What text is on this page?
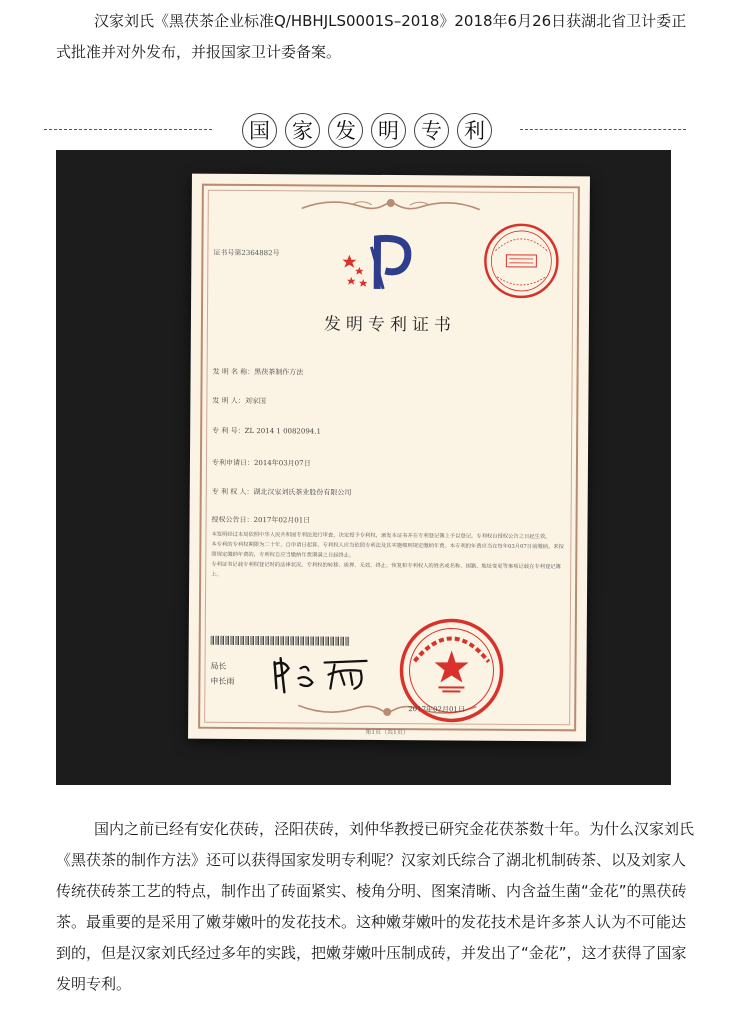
汉家刘氏《黑茯茶企业标准Q/HBHJLS0001S–2018》2018年6月26日获湖北省卫计委正式批准并对外发布，并报国家卫计委备案。

国	家	发	明	专	利
证书号第2364882号
发明专利证书
发 明 名 称：黑茯茶制作方法
发 明 人：刘家国
专 利 号：ZL 2014 1 0082094.1
专利申请日：2014年03月07日
专 利 权 人：湖北汉家刘氏茶业股份有限公司
授权公告日：2017年02月01日
本发明经过本局依照中华人民共和国专利法进行审查，决定授予专利权，颁发本证书并在专利登记簿上予以登记。专利权自授权公告之日起生效。
本专利的专利权期限为二十年，自申请日起算。专利权人应当依照专利法及其实施细则规定缴纳年费。本专利的年费应当在每年03月07日前缴纳。未按照规定缴纳年费的，专利权自应当缴纳年费期满之日起终止。
专利证书记载专利权登记时的法律状况。专利权的转移、质押、无效、终止、恢复和专利权人的姓名或名称、国籍、地址变更等事项记载在专利登记簿上。
局长
申长雨
2017年02月01日
第1页（共1页）

国内之前已经有安化茯砖，泾阳茯砖，刘仲华教授已研究金花茯茶数十年。为什么汉家刘氏《黑茯茶的制作方法》还可以获得国家发明专利呢？汉家刘氏综合了湖北机制砖茶、以及刘家人传统茯砖茶工艺的特点，制作出了砖面紧实、棱角分明、图案清晰、内含益生菌“金花”的黑茯砖茶。最重要的是采用了嫩芽嫩叶的发花技术。这种嫩芽嫩叶的发花技术是许多茶人认为不可能达到的，但是汉家刘氏经过多年的实践，把嫩芽嫩叶压制成砖，并发出了“金花”，这才获得了国家发明专利。
